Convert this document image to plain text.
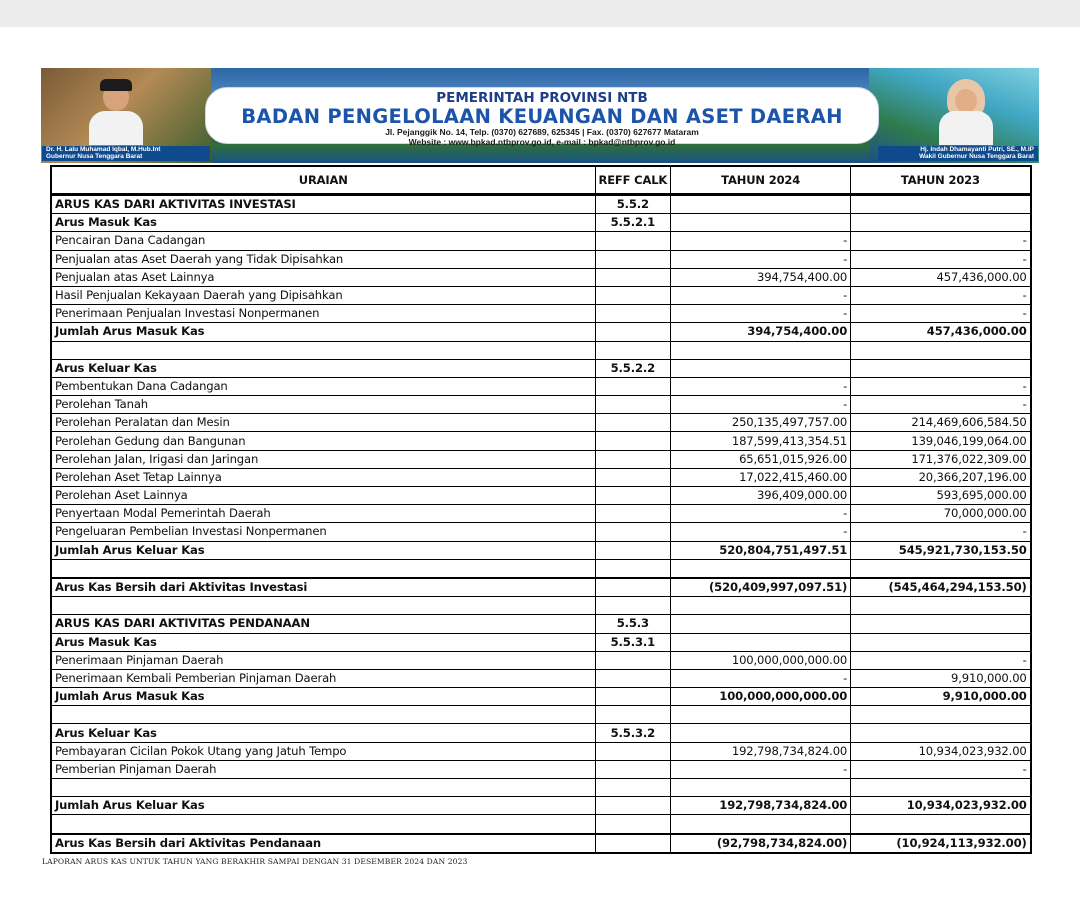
Dr. H. Lalu Muhamad Iqbal, M.Hub.Int
Gubernur Nusa Tenggara Barat
Hj. Indah Dhamayanti Putri, SE., M.IP
Wakil Gubernur Nusa Tenggara Barat
PEMERINTAH PROVINSI NTB
BADAN PENGELOLAAN KEUANGAN DAN ASET DAERAH
Jl. Pejanggik No. 14, Telp. (0370) 627689, 625345 | Fax. (0370) 627677 Mataram
Website : www.bpkad.ntbprov.go.id, e-mail : bpkad@ntbprov.go.id
URAIAN	REFF CALK	TAHUN 2024	TAHUN 2023
ARUS KAS DARI AKTIVITAS INVESTASI	5.5.2		
Arus Masuk Kas	5.5.2.1		
Pencairan Dana Cadangan		-	-
Penjualan atas Aset Daerah yang Tidak Dipisahkan		-	-
Penjualan atas Aset Lainnya		394,754,400.00	457,436,000.00
Hasil Penjualan Kekayaan Daerah yang Dipisahkan		-	-
Penerimaan Penjualan Investasi Nonpermanen		-	-
Jumlah Arus Masuk Kas		394,754,400.00	457,436,000.00

Arus Keluar Kas	5.5.2.2		
Pembentukan Dana Cadangan		-	-
Perolehan Tanah		-	-
Perolehan Peralatan dan Mesin		250,135,497,757.00	214,469,606,584.50
Perolehan Gedung dan Bangunan		187,599,413,354.51	139,046,199,064.00
Perolehan Jalan, Irigasi dan Jaringan		65,651,015,926.00	171,376,022,309.00
Perolehan Aset Tetap Lainnya		17,022,415,460.00	20,366,207,196.00
Perolehan Aset Lainnya		396,409,000.00	593,695,000.00
Penyertaan Modal Pemerintah Daerah		-	70,000,000.00
Pengeluaran Pembelian Investasi Nonpermanen		-	-
Jumlah Arus Keluar Kas		520,804,751,497.51	545,921,730,153.50

Arus Kas Bersih dari Aktivitas Investasi		(520,409,997,097.51)	(545,464,294,153.50)

ARUS KAS DARI AKTIVITAS PENDANAAN	5.5.3		
Arus Masuk Kas	5.5.3.1		
Penerimaan Pinjaman Daerah		100,000,000,000.00	-
Penerimaan Kembali Pemberian Pinjaman Daerah		-	9,910,000.00
Jumlah Arus Masuk Kas		100,000,000,000.00	9,910,000.00

Arus Keluar Kas	5.5.3.2		
Pembayaran Cicilan Pokok Utang yang Jatuh Tempo		192,798,734,824.00	10,934,023,932.00
Pemberian Pinjaman Daerah		-	-

Jumlah Arus Keluar Kas		192,798,734,824.00	10,934,023,932.00

Arus Kas Bersih dari Aktivitas Pendanaan		(92,798,734,824.00)	(10,924,113,932.00)
LAPORAN ARUS KAS UNTUK TAHUN YANG BERAKHIR SAMPAI DENGAN 31 DESEMBER 2024 DAN 2023
